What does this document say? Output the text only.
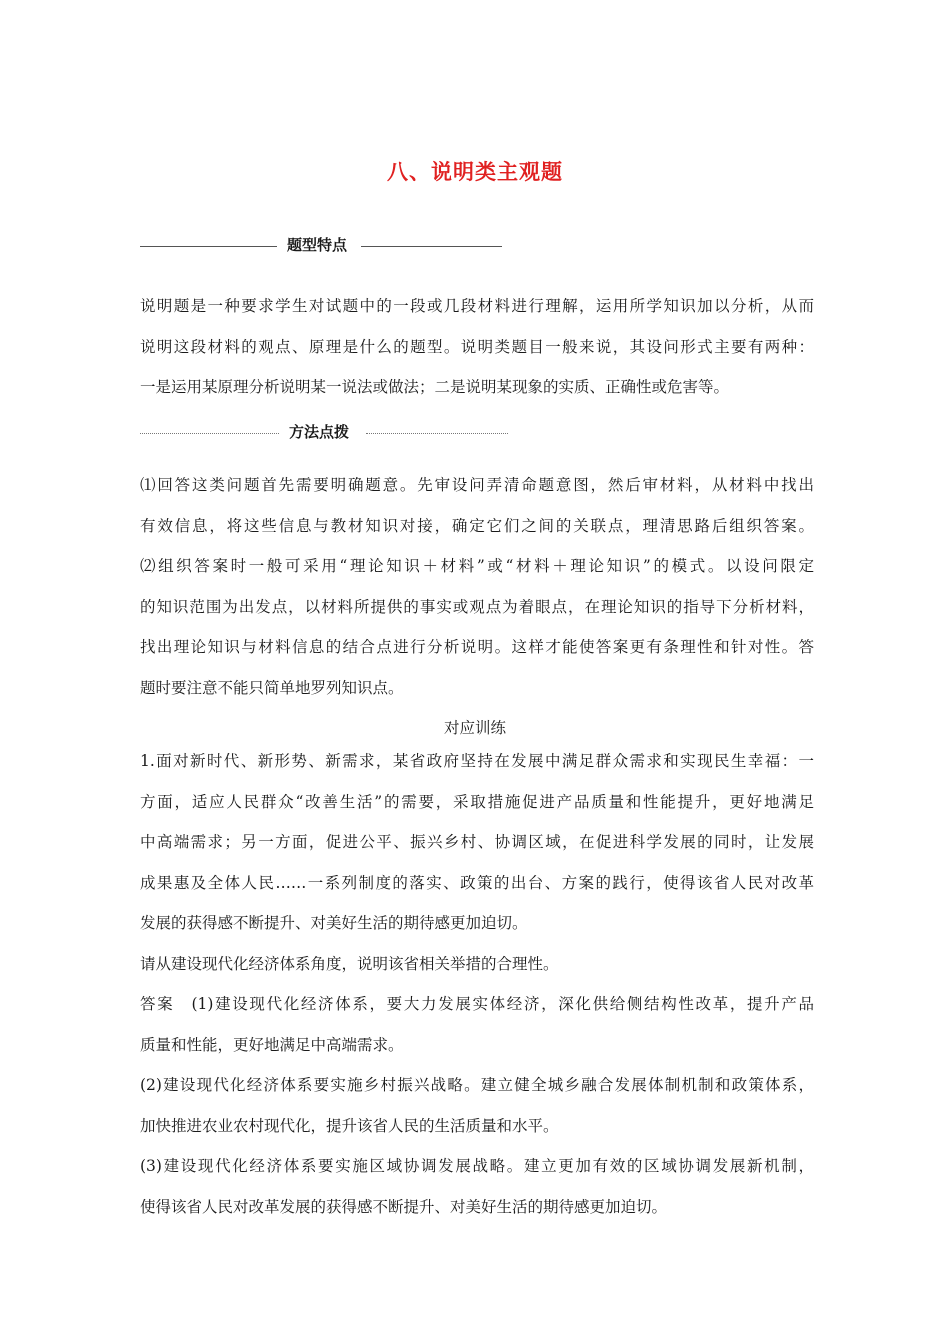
八、说明类主观题
题型特点
说明题是一种要求学生对试题中的一段或几段材料进行理解，运用所学知识加以分析，从而
说明这段材料的观点、原理是什么的题型。说明类题目一般来说，其设问形式主要有两种：
一是运用某原理分析说明某一说法或做法；二是说明某现象的实质、正确性或危害等。
方法点拨
⑴回答这类问题首先需要明确题意。先审设问弄清命题意图，然后审材料，从材料中找出
有效信息，将这些信息与教材知识对接，确定它们之间的关联点，理清思路后组织答案。
⑵组织答案时一般可采用“理论知识＋材料”或“材料＋理论知识”的模式。以设问限定
的知识范围为出发点，以材料所提供的事实或观点为着眼点，在理论知识的指导下分析材料，
找出理论知识与材料信息的结合点进行分析说明。这样才能使答案更有条理性和针对性。答
题时要注意不能只简单地罗列知识点。
对应训练
1.面对新时代、新形势、新需求，某省政府坚持在发展中满足群众需求和实现民生幸福：一
方面，适应人民群众“改善生活”的需要，采取措施促进产品质量和性能提升，更好地满足
中高端需求；另一方面，促进公平、振兴乡村、协调区域，在促进科学发展的同时，让发展
成果惠及全体人民……一系列制度的落实、政策的出台、方案的践行，使得该省人民对改革
发展的获得感不断提升、对美好生活的期待感更加迫切。
请从建设现代化经济体系角度，说明该省相关举措的合理性。
答案　(1)建设现代化经济体系，要大力发展实体经济，深化供给侧结构性改革，提升产品
质量和性能，更好地满足中高端需求。
(2)建设现代化经济体系要实施乡村振兴战略。建立健全城乡融合发展体制机制和政策体系，
加快推进农业农村现代化，提升该省人民的生活质量和水平。
(3)建设现代化经济体系要实施区域协调发展战略。建立更加有效的区域协调发展新机制，
使得该省人民对改革发展的获得感不断提升、对美好生活的期待感更加迫切。
